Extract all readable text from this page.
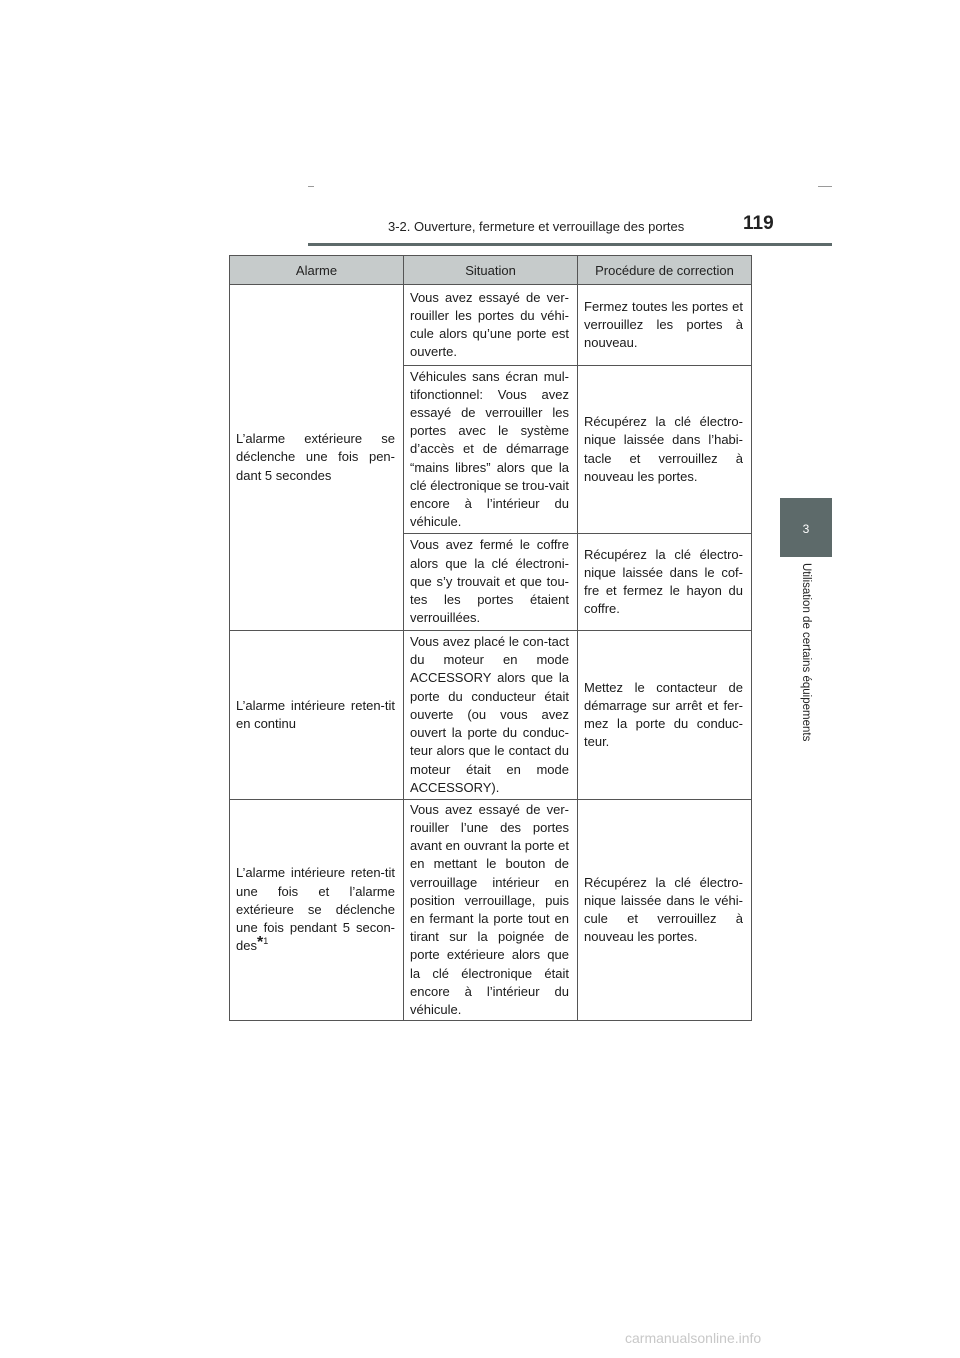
3-2. Ouverture, fermeture et verrouillage des portes	119
3
Utilisation de certains équipements
Alarme	Situation	Procédure de correction
L’alarme extérieure se déclenche une fois pen-dant 5 secondes	Vous avez essayé de ver-rouiller les portes du véhi-cule alors qu’une porte est ouverte.	Fermez toutes les portes et verrouillez les portes à nouveau.
	Véhicules sans écran mul-tifonctionnel: Vous avez essayé de verrouiller les portes avec le système d’accès et de démarrage “mains libres” alors que la clé électronique se trou-vait encore à l’intérieur du véhicule.	Récupérez la clé électro-nique laissée dans l’habi-tacle et verrouillez à nouveau les portes.
	Vous avez fermé le coffre alors que la clé électroni-que s’y trouvait et que tou-tes les portes étaient verrouillées.	Récupérez la clé électro-nique laissée dans le cof-fre et fermez le hayon du coffre.
L’alarme intérieure reten-tit en continu	Vous avez placé le con-tact du moteur en mode ACCESSORY alors que la porte du conducteur était ouverte (ou vous avez ouvert la porte du conduc-teur alors que le contact du moteur était en mode ACCESSORY).	Mettez le contacteur de démarrage sur arrêt et fer-mez la porte du conduc-teur.
L’alarme intérieure reten-tit une fois et l’alarme extérieure se déclenche une fois pendant 5 secon-des$^{*1}$	Vous avez essayé de ver-rouiller l’une des portes avant en ouvrant la porte et en mettant le bouton de verrouillage intérieur en position verrouillage, puis en fermant la porte tout en tirant sur la poignée de porte extérieure alors que la clé électronique était encore à l’intérieur du véhicule.	Récupérez la clé électro-nique laissée dans le véhi-cule et verrouillez à nouveau les portes.
carmanualsonline.info
